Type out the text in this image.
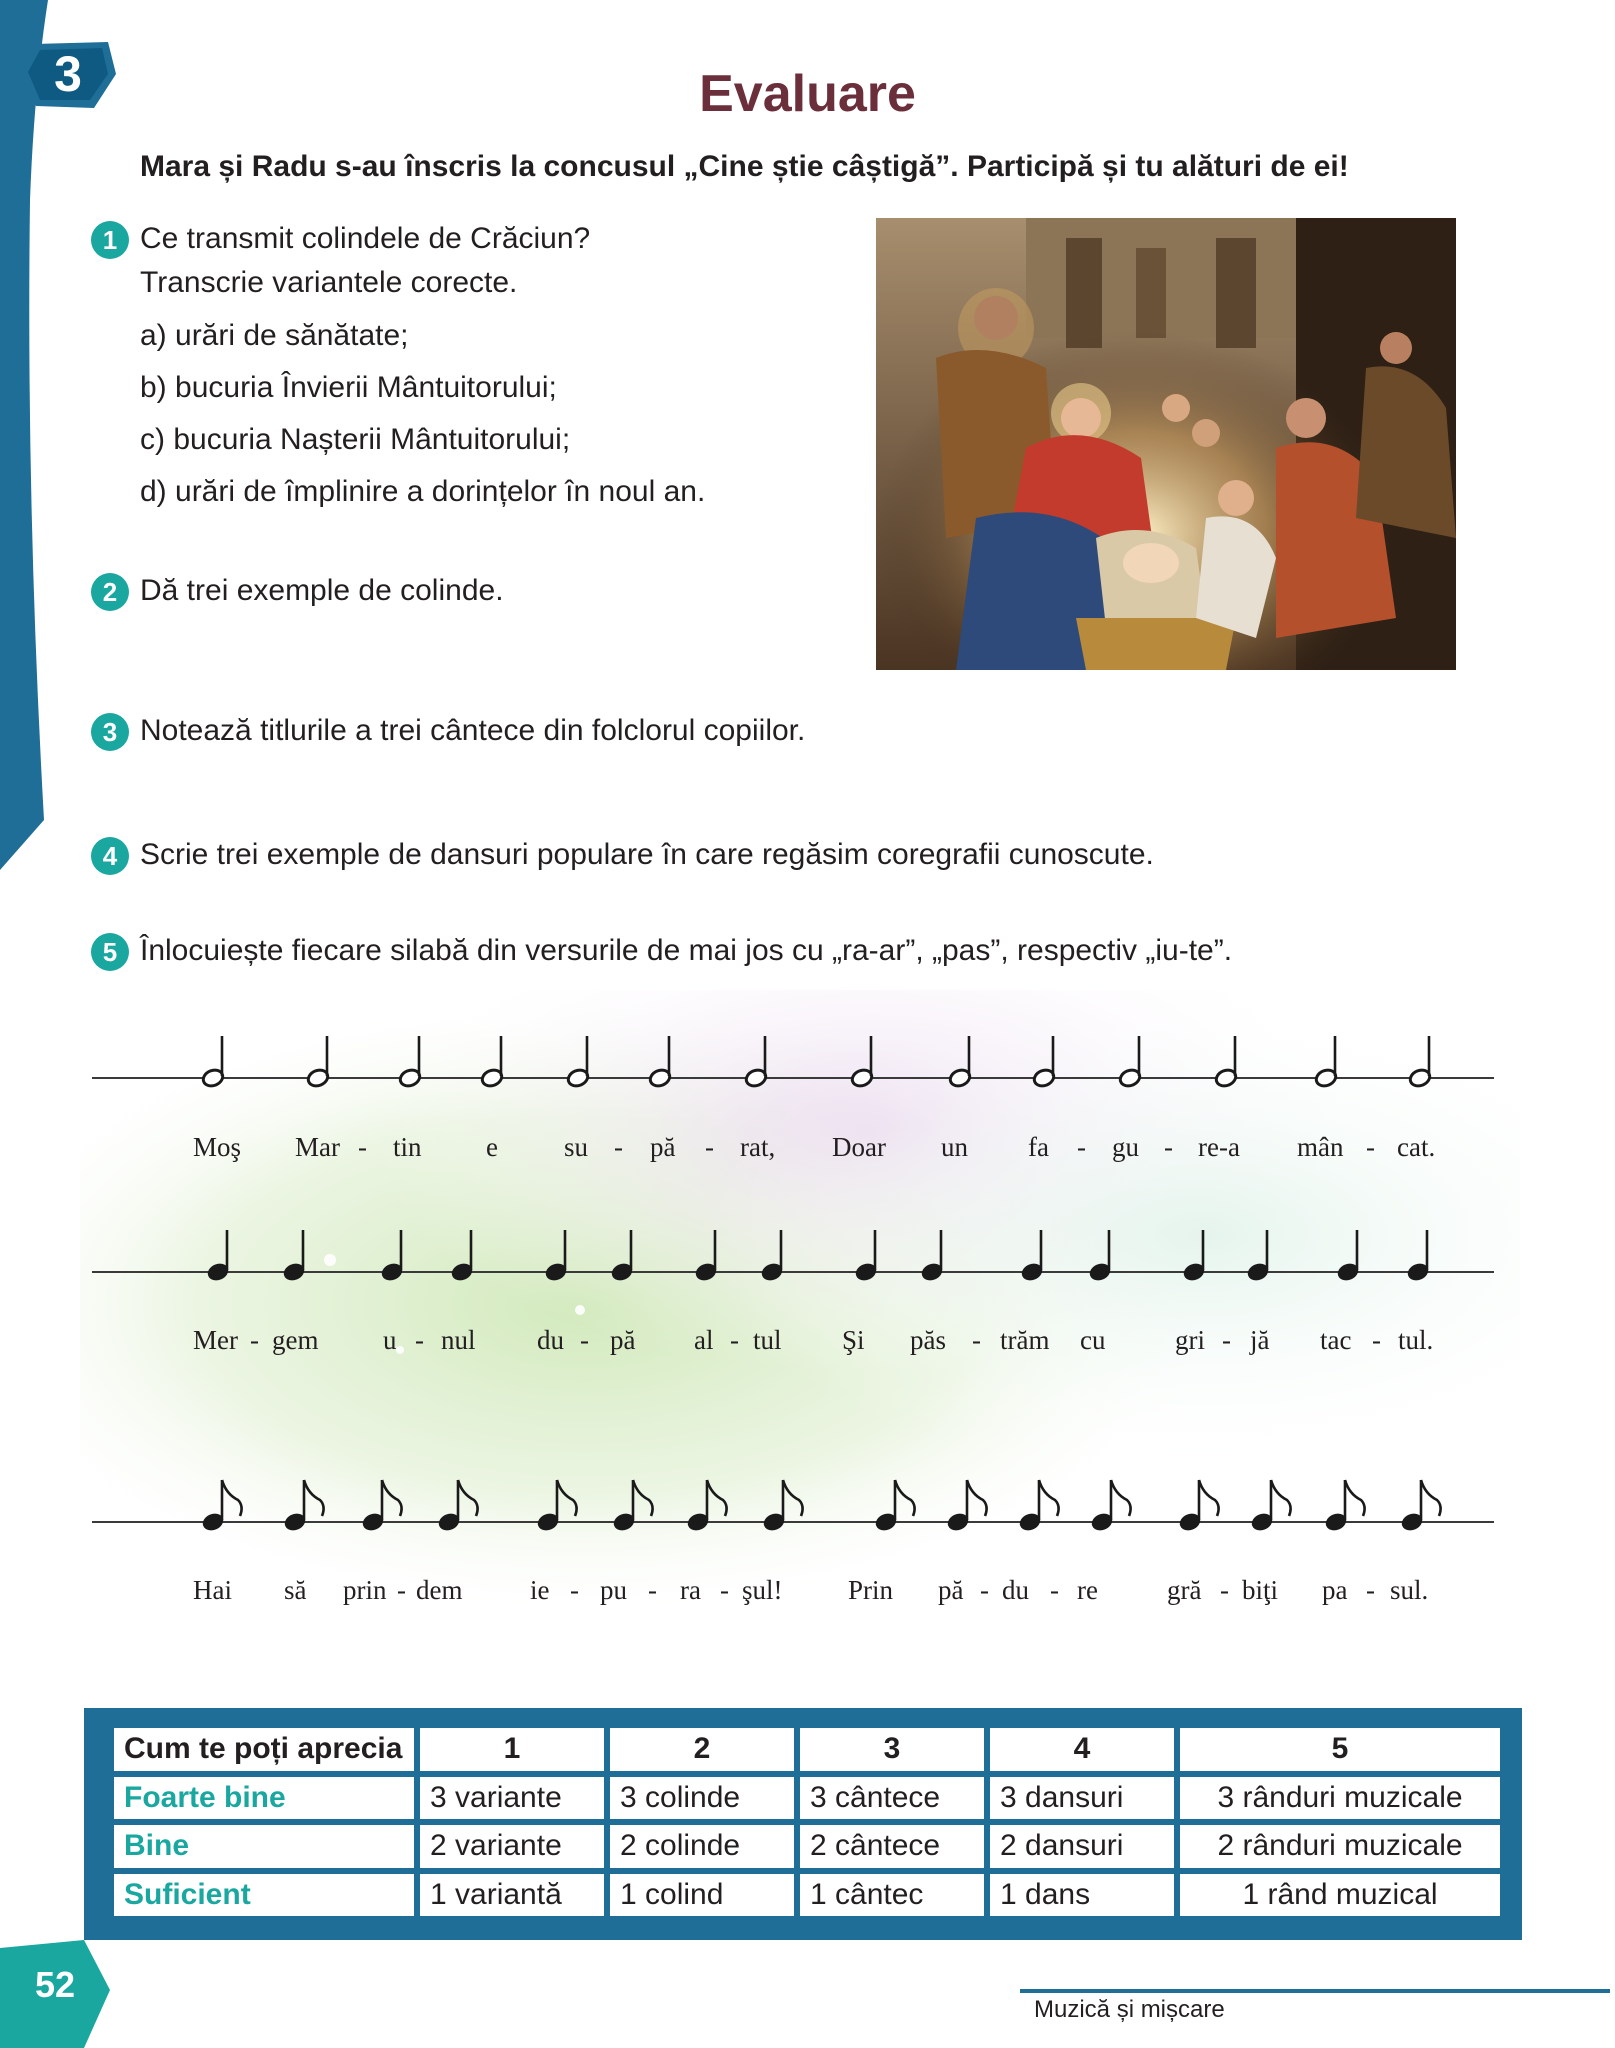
3	Evaluare
Mara și Radu s-au înscris la concusul „Cine știe câștigă”. Participă și tu alături de ei!
1 Ce transmit colindele de Crăciun?
Transcrie variantele corecte.
a) urări de sănătate;
b) bucuria Învierii Mântuitorului;
c) bucuria Nașterii Mântuitorului;
d) urări de împlinire a dorințelor în noul an.
2 Dă trei exemple de colinde.
3 Notează titlurile a trei cântece din folclorul copiilor.
4 Scrie trei exemple de dansuri populare în care regăsim coregrafii cunoscute.
5 Înlocuiește fiecare silabă din versurile de mai jos cu „ra-ar”, „pas”, respectiv „iu-te”.
Moş Mar - tin e su - pă - rat, Doar un fa - gu - re-a mân - cat.
Mer - gem u - nul du - pă al - tul Şi păs - trăm cu	gri - jă tac - tul.
Hai să prin - dem	ie - pu - ra - şul! Prin pă - du - re	gră - biţi pa - sul.
Cum te poți aprecia	1	2	3	4	5
Foarte bine	3 variante	3 colinde	3 cântece	3 dansuri	3 rânduri muzicale
Bine	2 variante	2 colinde	2 cântece	2 dansuri	2 rânduri muzicale
Suficient	1 variantă	1 colind	1 cântec	1 dans	1 rând muzical
52
Muzică și mișcare
